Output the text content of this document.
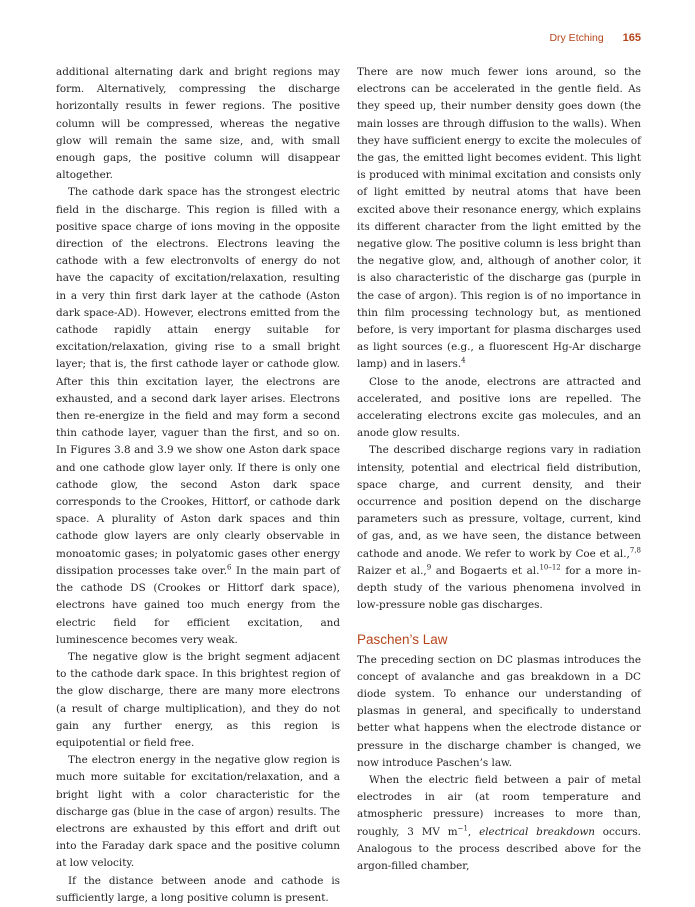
Dry Etching 165

additional alternating dark and bright regions may form. Alternatively, compressing the discharge horizontally results in fewer regions. The positive column will be compressed, whereas the negative glow will remain the same size, and, with small enough gaps, the positive column will disappear altogether.

The cathode dark space has the strongest electric field in the discharge. This region is filled with a positive space charge of ions moving in the opposite direction of the electrons. Electrons leaving the cathode with a few electronvolts of energy do not have the capacity of excitation/relaxation, resulting in a very thin first dark layer at the cathode (Aston dark space-AD). However, electrons emitted from the cathode rapidly attain energy suitable for excitation/relaxation, giving rise to a small bright layer; that is, the first cathode layer or cathode glow. After this thin excitation layer, the electrons are exhausted, and a second dark layer arises. Electrons then re-energize in the field and may form a second thin cathode layer, vaguer than the first, and so on. In Figures 3.8 and 3.9 we show one Aston dark space and one cathode glow layer only. If there is only one cathode glow, the second Aston dark space corresponds to the Crookes, Hittorf, or cathode dark space. A plurality of Aston dark spaces and thin cathode glow layers are only clearly observable in monoatomic gases; in polyatomic gases other energy dissipation processes take over.$^6$ In the main part of the cathode DS (Crookes or Hittorf dark space), electrons have gained too much energy from the electric field for efficient excitation, and luminescence becomes very weak.

The negative glow is the bright segment adjacent to the cathode dark space. In this brightest region of the glow discharge, there are many more electrons (a result of charge multiplication), and they do not gain any further energy, as this region is equipotential or field free.

The electron energy in the negative glow region is much more suitable for excitation/relaxation, and a bright light with a color characteristic for the discharge gas (blue in the case of argon) results. The electrons are exhausted by this effort and drift out into the Faraday dark space and the positive column at low velocity.

If the distance between anode and cathode is sufficiently large, a long positive column is present.

There are now much fewer ions around, so the electrons can be accelerated in the gentle field. As they speed up, their number density goes down (the main losses are through diffusion to the walls). When they have sufficient energy to excite the molecules of the gas, the emitted light becomes evident. This light is produced with minimal excitation and consists only of light emitted by neutral atoms that have been excited above their resonance energy, which explains its different character from the light emitted by the negative glow. The positive column is less bright than the negative glow, and, although of another color, it is also characteristic of the discharge gas (purple in the case of argon). This region is of no importance in thin film processing technology but, as mentioned before, is very important for plasma discharges used as light sources (e.g., a fluorescent Hg-Ar discharge lamp) and in lasers.$^4$

Close to the anode, electrons are attracted and accelerated, and positive ions are repelled. The accelerating electrons excite gas molecules, and an anode glow results.

The described discharge regions vary in radiation intensity, potential and electrical field distribution, space charge, and current density, and their occurrence and position depend on the discharge parameters such as pressure, voltage, current, kind of gas, and, as we have seen, the distance between cathode and anode. We refer to work by Coe et al.,$^{7,8}$ Raizer et al.,$^9$ and Bogaerts et al.$^{10-12}$ for a more in-depth study of the various phenomena involved in low-pressure noble gas discharges.

Paschen’s Law

The preceding section on DC plasmas introduces the concept of avalanche and gas breakdown in a DC diode system. To enhance our understanding of plasmas in general, and specifically to understand better what happens when the electrode distance or pressure in the discharge chamber is changed, we now introduce Paschen’s law.

When the electric field between a pair of metal electrodes in air (at room temperature and atmospheric pressure) increases to more than, roughly, 3 MV $m^{-1}$, electrical breakdown occurs. Analogous to the process described above for the argon-filled chamber,
